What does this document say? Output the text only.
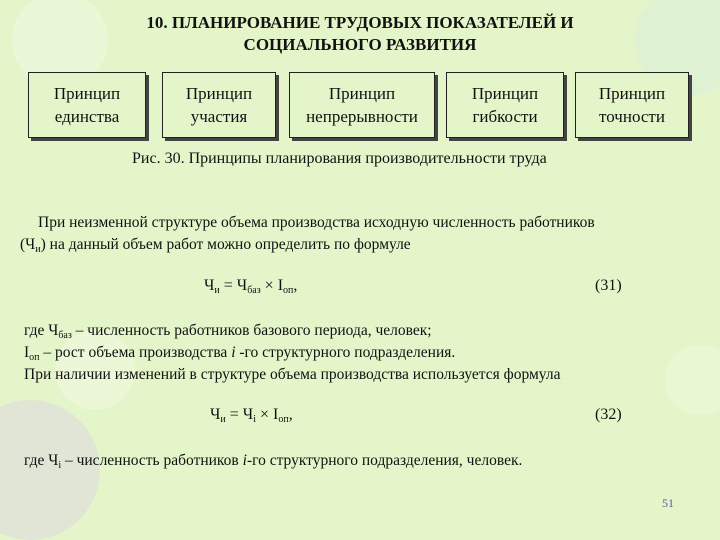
10. ПЛАНИРОВАНИЕ ТРУДОВЫХ ПОКАЗАТЕЛЕЙ И
СОЦИАЛЬНОГО РАЗВИТИЯ
Принцип
единства
Принцип
участия
Принцип
непрерывности
Принцип
гибкости
Принцип
точности
Рис. 30. Принципы планирования производительности труда
При неизменной структуре объема производства исходную численность работников
$(Ч_и)$ на данный объем работ можно определить по формуле
$Ч_и = Ч_{баз} \times I_{оп}$,	(31)
где $Ч_{баз}$ – численность работников базового периода, человек;
$I_{оп}$ – рост объема производства i -го структурного подразделения.
При наличии изменений в структуре объема производства используется формула
$Ч_и = Ч_i \times I_{оп}$,	(32)
где $Ч_i$ – численность работников i-го структурного подразделения, человек.
51
